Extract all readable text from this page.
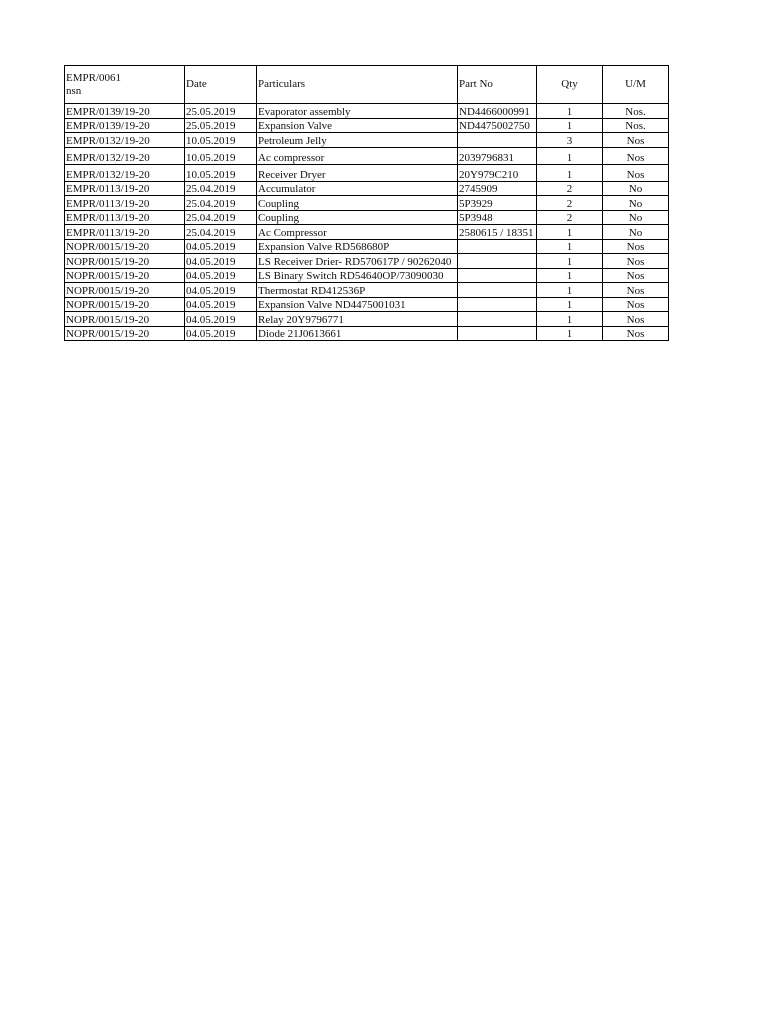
EMPR/0061
nsn	Date	Particulars	Part No	Qty	U/M
EMPR/0139/19-20	25.05.2019	Evaporator assembly	ND4466000991	1	Nos.
EMPR/0139/19-20	25.05.2019	Expansion Valve	ND4475002750	1	Nos.
EMPR/0132/19-20	10.05.2019	Petroleum Jelly		3	Nos
EMPR/0132/19-20	10.05.2019	Ac compressor	2039796831	1	Nos
EMPR/0132/19-20	10.05.2019	Receiver Dryer	20Y979C210	1	Nos
EMPR/0113/19-20	25.04.2019	Accumulator	2745909	2	No
EMPR/0113/19-20	25.04.2019	Coupling	5P3929	2	No
EMPR/0113/19-20	25.04.2019	Coupling	5P3948	2	No
EMPR/0113/19-20	25.04.2019	Ac Compressor	2580615 / 18351	1	No
NOPR/0015/19-20	04.05.2019	Expansion Valve RD568680P		1	Nos
NOPR/0015/19-20	04.05.2019	LS Receiver Drier- RD570617P / 90262040		1	Nos
NOPR/0015/19-20	04.05.2019	LS Binary Switch RD54640OP/73090030		1	Nos
NOPR/0015/19-20	04.05.2019	Thermostat RD412536P		1	Nos
NOPR/0015/19-20	04.05.2019	Expansion Valve ND4475001031		1	Nos
NOPR/0015/19-20	04.05.2019	Relay 20Y9796771		1	Nos
NOPR/0015/19-20	04.05.2019	Diode 21J0613661		1	Nos
